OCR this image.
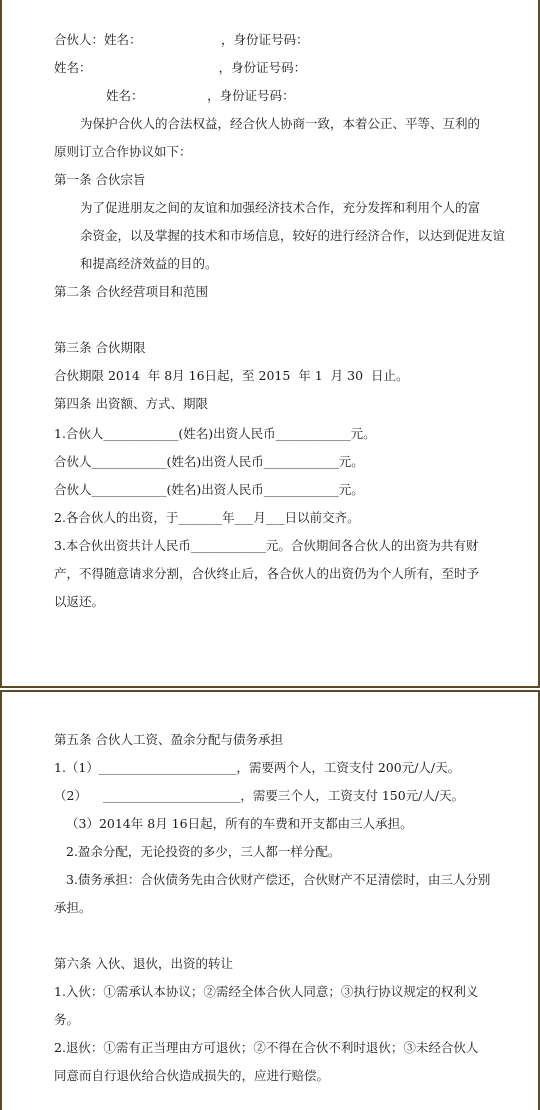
合伙人：姓名：                    ，身份证号码：
姓名：                                ，身份证号码：
姓名：                ，身份证号码：
为保护合伙人的合法权益，经合伙人协商一致，本着公正、平等、互利的
原则订立合作协议如下：
第一条 合伙宗旨
为了促进朋友之间的友谊和加强经济技术合作，充分发挥和利用个人的富
余资金，以及掌握的技术和市场信息，较好的进行经济合作，以达到促进友谊
和提高经济效益的目的。
第二条 合伙经营项目和范围
第三条 合伙期限
合伙期限 2014  年 8月 16日起，至 2015  年 1  月 30  日止。
第四条 出资额、方式、期限
1.合伙人____________(姓名)出资人民币____________元。
合伙人____________(姓名)出资人民币____________元。
合伙人____________(姓名)出资人民币____________元。
2.各合伙人的出资，于_______年___月___日以前交齐。
3.本合伙出资共计人民币____________元。合伙期间各合伙人的出资为共有财
产，不得随意请求分割，合伙终止后，各合伙人的出资仍为个人所有，至时予
以返还。
第五条 合伙人工资、盈余分配与债务承担
1.（1）______________________，需要两个人，工资支付 200元/人/天。
（2）    ______________________，需要三个人，工资支付 150元/人/天。
（3）2014年 8月 16日起，所有的车费和开支都由三人承担。
2.盈余分配，无论投资的多少，三人都一样分配。
3.债务承担：合伙债务先由合伙财产偿还，合伙财产不足清偿时，由三人分别
承担。
第六条 入伙、退伙，出资的转让
1.入伙：①需承认本协议；②需经全体合伙人同意；③执行协议规定的权利义
务。
2.退伙：①需有正当理由方可退伙；②不得在合伙不利时退伙；③未经合伙人
同意而自行退伙给合伙造成损失的，应进行赔偿。
